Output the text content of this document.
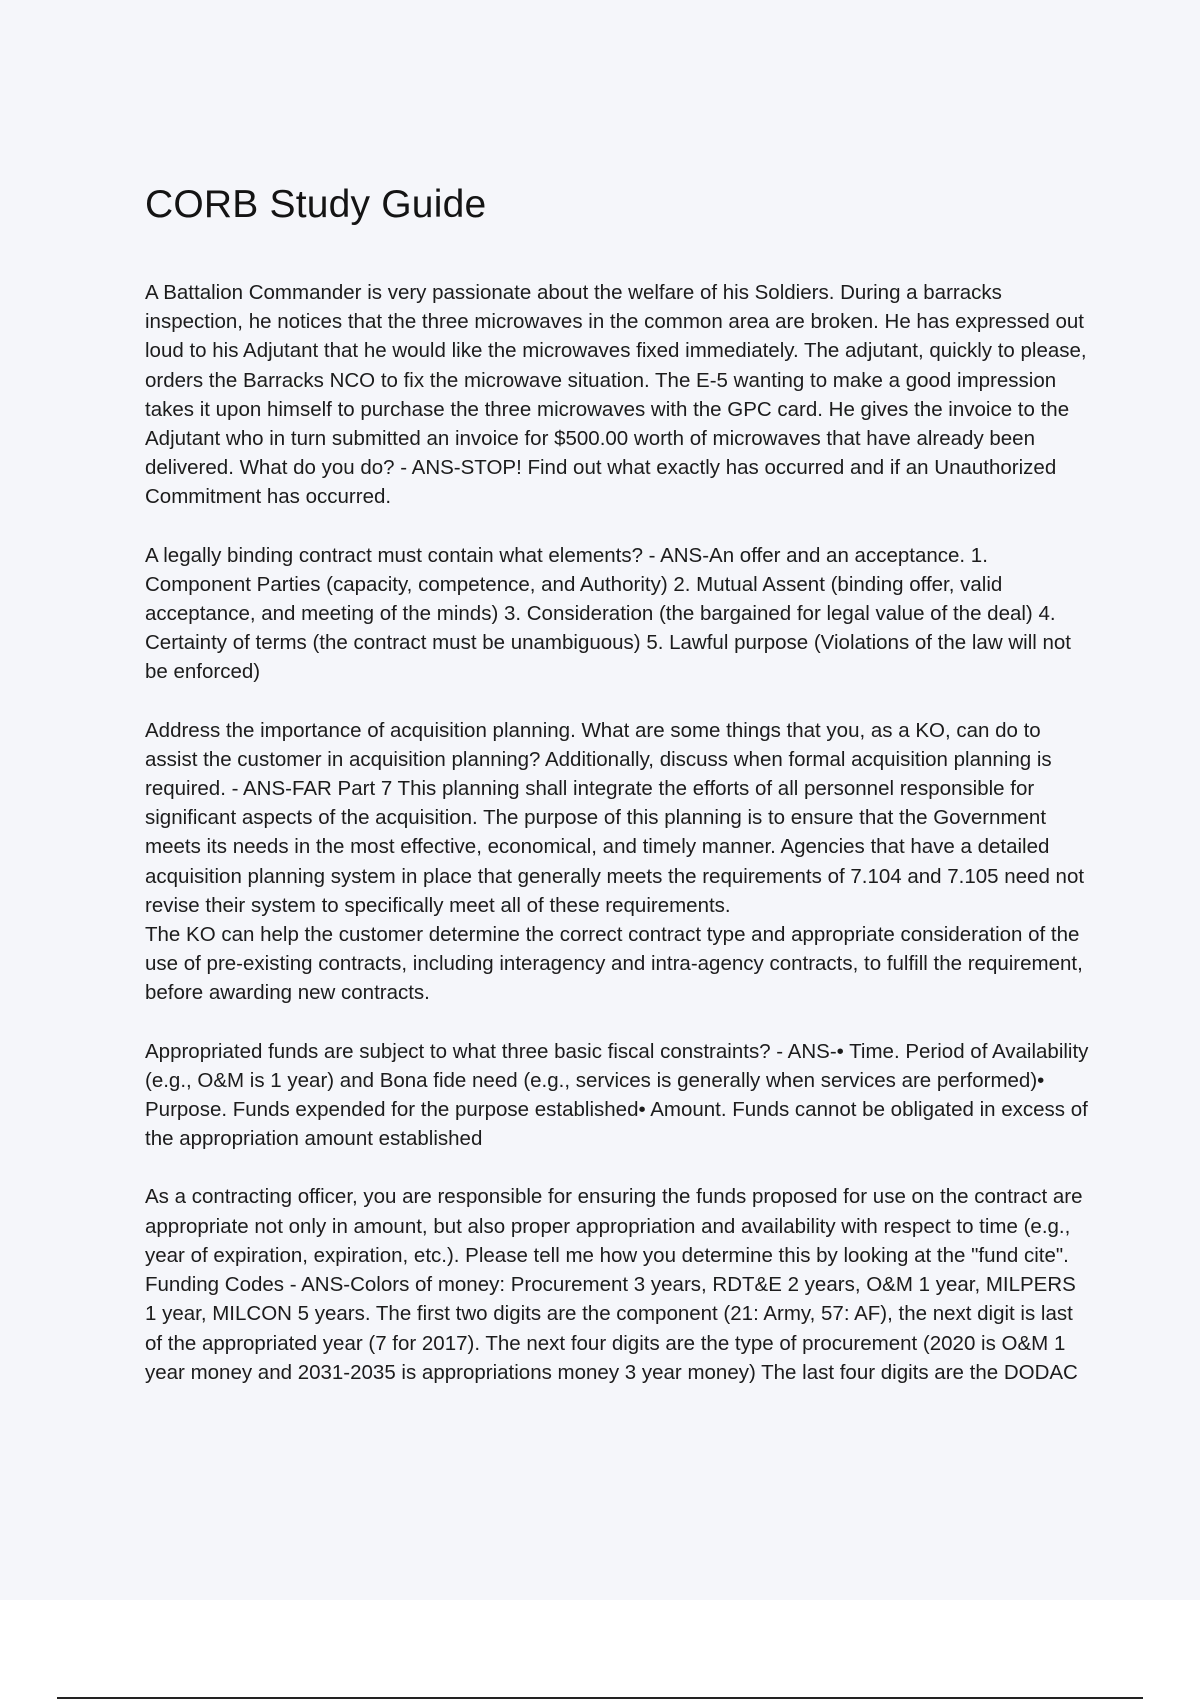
CORB Study Guide

A Battalion Commander is very passionate about the welfare of his Soldiers. During a barracks inspection, he notices that the three microwaves in the common area are broken. He has expressed out loud to his Adjutant that he would like the microwaves fixed immediately. The adjutant, quickly to please, orders the Barracks NCO to fix the microwave situation. The E-5 wanting to make a good impression takes it upon himself to purchase the three microwaves with the GPC card. He gives the invoice to the Adjutant who in turn submitted an invoice for $500.00 worth of microwaves that have already been delivered. What do you do? - ANS-STOP! Find out what exactly has occurred and if an Unauthorized Commitment has occurred.

A legally binding contract must contain what elements? - ANS-An offer and an acceptance. 1. Component Parties (capacity, competence, and Authority) 2. Mutual Assent (binding offer, valid acceptance, and meeting of the minds) 3. Consideration (the bargained for legal value of the deal) 4. Certainty of terms (the contract must be unambiguous) 5. Lawful purpose (Violations of the law will not be enforced)

Address the importance of acquisition planning. What are some things that you, as a KO, can do to assist the customer in acquisition planning? Additionally, discuss when formal acquisition planning is required. - ANS-FAR Part 7 This planning shall integrate the efforts of all personnel responsible for significant aspects of the acquisition. The purpose of this planning is to ensure that the Government meets its needs in the most effective, economical, and timely manner. Agencies that have a detailed acquisition planning system in place that generally meets the requirements of 7.104 and 7.105 need not revise their system to specifically meet all of these requirements.

The KO can help the customer determine the correct contract type and appropriate consideration of the use of pre-existing contracts, including interagency and intra-agency contracts, to fulfill the requirement, before awarding new contracts.

Appropriated funds are subject to what three basic fiscal constraints? - ANS-• Time. Period of Availability (e.g., O&M is 1 year) and Bona fide need (e.g., services is generally when services are performed)• Purpose. Funds expended for the purpose established• Amount. Funds cannot be obligated in excess of the appropriation amount established

As a contracting officer, you are responsible for ensuring the funds proposed for use on the contract are appropriate not only in amount, but also proper appropriation and availability with respect to time (e.g., year of expiration, expiration, etc.). Please tell me how you determine this by looking at the "fund cite". Funding Codes - ANS-Colors of money: Procurement 3 years, RDT&E 2 years, O&M 1 year, MILPERS 1 year, MILCON 5 years. The first two digits are the component (21: Army, 57: AF), the next digit is last of the appropriated year (7 for 2017). The next four digits are the type of procurement (2020 is O&M 1 year money and 2031-2035 is appropriations money 3 year money) The last four digits are the DODAC
